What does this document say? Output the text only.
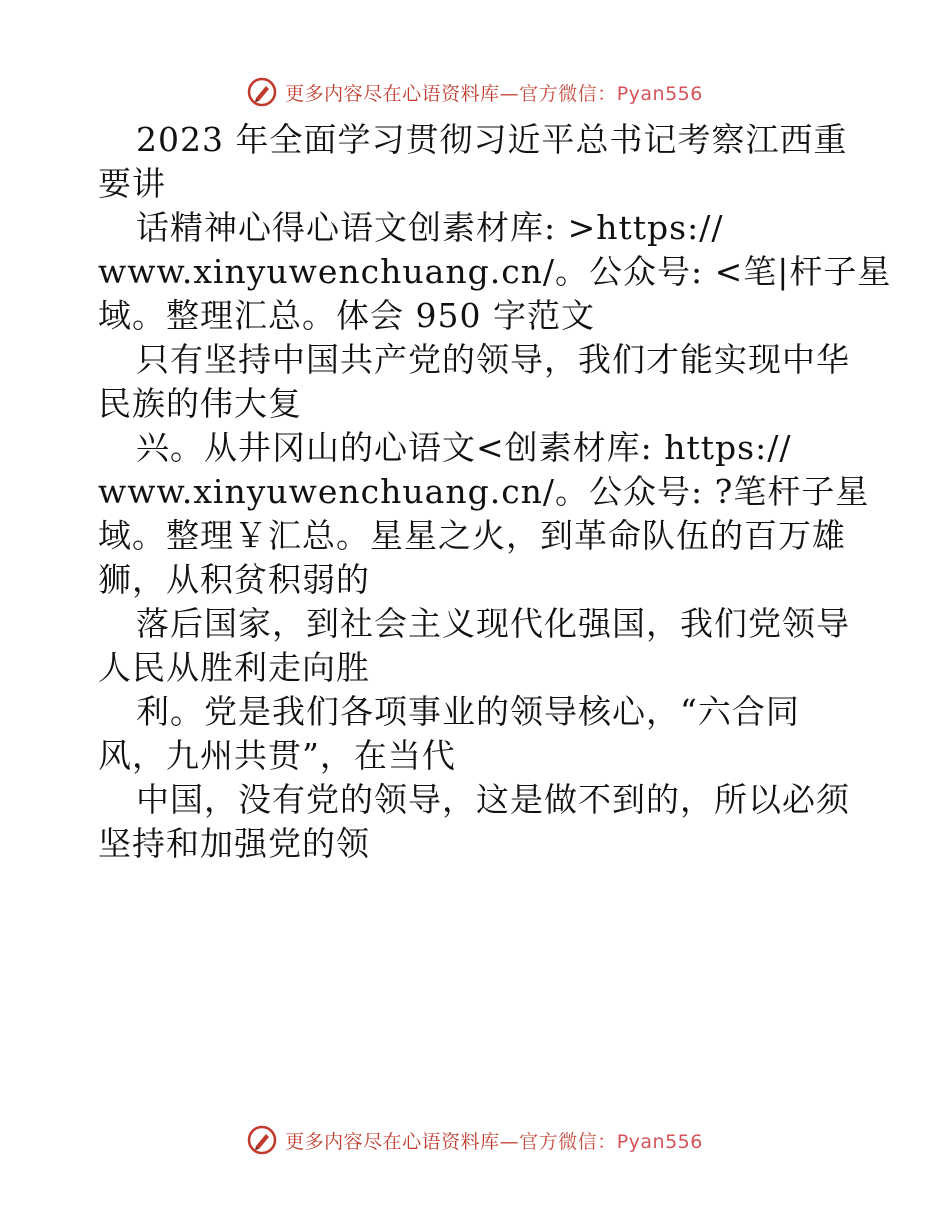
更多内容尽在心语资料库—官方微信：Pyan556
2023 年全面学习贯彻习近平总书记考察江西重
要讲
话精神心得心语文创素材库: >https://
www.xinyuwenchuang.cn/。公众号: <笔|杆子星
域。整理汇总。体会 950 字范文
只有坚持中国共产党的领导，我们才能实现中华
民族的伟大复
兴。从井冈山的心语文<创素材库: https://
www.xinyuwenchuang.cn/。公众号: ?笔杆子星
域。整理￥汇总。星星之火，到革命队伍的百万雄
狮，从积贫积弱的
落后国家，到社会主义现代化强国，我们党领导
人民从胜利走向胜
利。党是我们各项事业的领导核心，“六合同
风，九州共贯”，在当代
中国，没有党的领导，这是做不到的，所以必须
坚持和加强党的领
更多内容尽在心语资料库—官方微信：Pyan556
